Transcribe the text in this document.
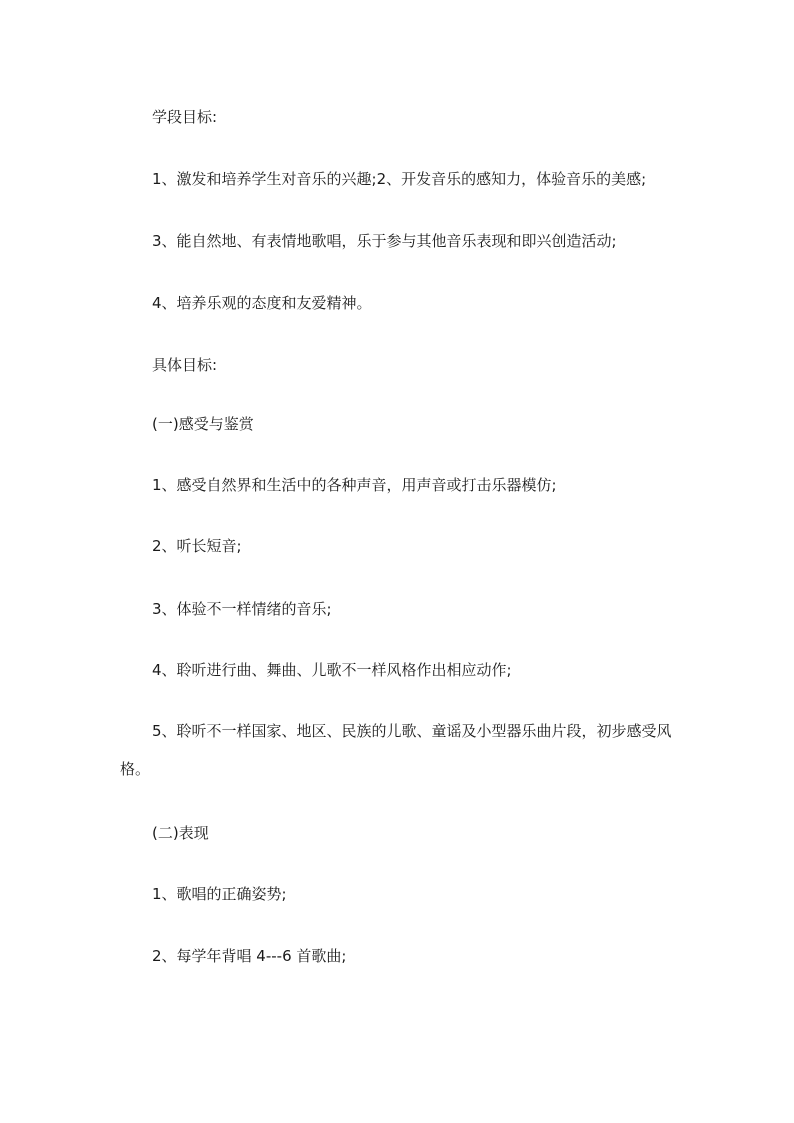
学段目标:

1、激发和培养学生对音乐的兴趣;2、开发音乐的感知力，体验音乐的美感;

3、能自然地、有表情地歌唱，乐于参与其他音乐表现和即兴创造活动;

4、培养乐观的态度和友爱精神。

具体目标:

(一)感受与鉴赏

1、感受自然界和生活中的各种声音，用声音或打击乐器模仿;

2、听长短音;

3、体验不一样情绪的音乐;

4、聆听进行曲、舞曲、儿歌不一样风格作出相应动作;

5、聆听不一样国家、地区、民族的儿歌、童谣及小型器乐曲片段，初步感受风格。

(二)表现

1、歌唱的正确姿势;

2、每学年背唱 4---6 首歌曲;
